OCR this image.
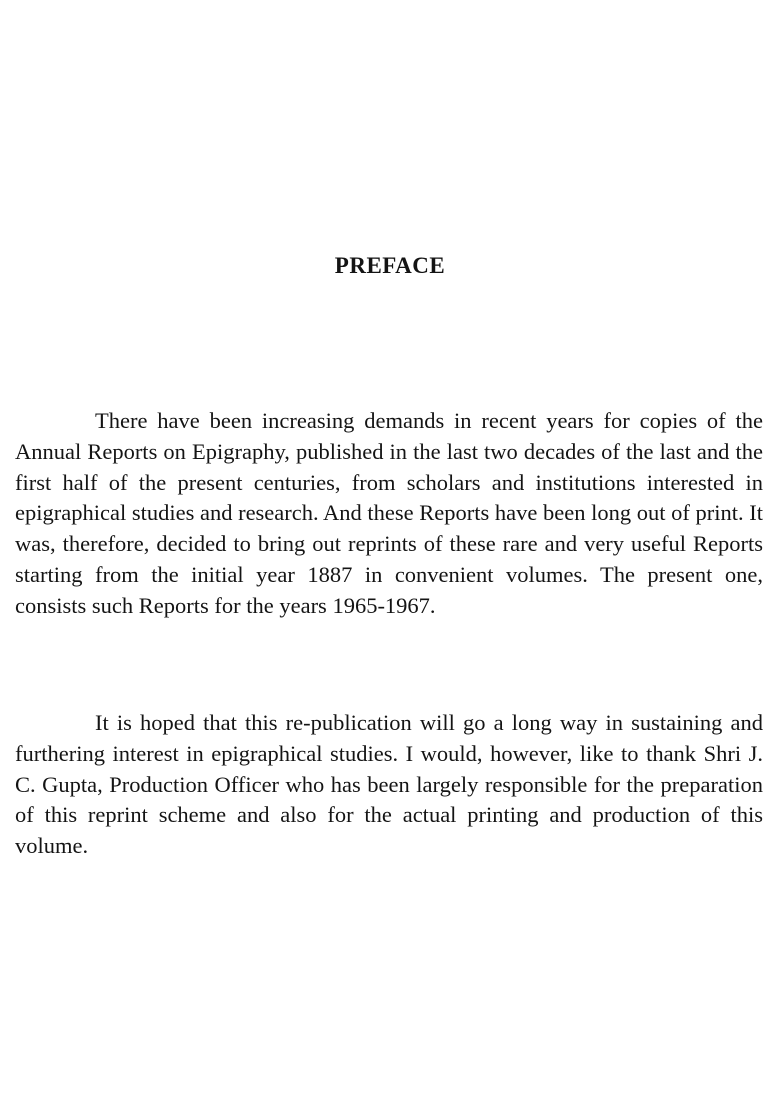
PREFACE

There have been increasing demands in recent years for copies of the Annual Reports on Epigraphy, published in the last two decades of the last and the first half of the present centuries, from scholars and institutions interested in epigraphical studies and research. And these Reports have been long out of print. It was, therefore, decided to bring out reprints of these rare and very useful Reports starting from the initial year 1887 in convenient volumes. The present one, consists such Reports for the years 1965-1967.

It is hoped that this re-publication will go a long way in sustaining and furthering interest in epigraphical studies. I would, however, like to thank Shri J. C. Gupta, Production Officer who has been largely responsible for the preparation of this reprint scheme and also for the actual printing and production of this volume.
